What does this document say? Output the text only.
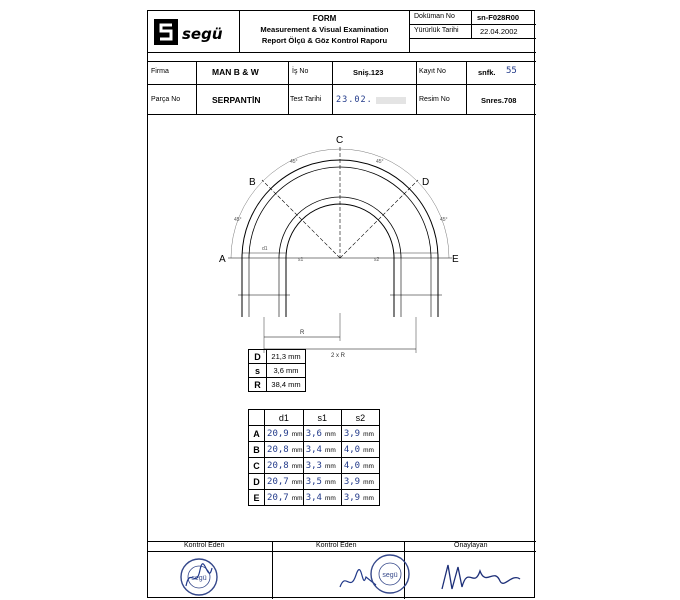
segü
FORM
Measurement & Visual Examination
Report Ölçü & Göz Kontrol Raporu
Doküman No	sn-F028R00
Yürürlük Tarihi	22.04.2002
Firma	MAN B & W	İş No	Sniş.123	Kayıt No	snfk. 55
Parça No	SERPANTİN	Test Tarihi 23.02.	Resim No	Snres.708
A
B
C
D
E
45°	45°
45°	45°
d1
s1	s2
R
2 x R
D	21,3 mm
s	3,6 mm
R	38,4 mm
	d1	s1	s2
A	20,9 mm	3,6 mm	3,9 mm
B	20,8 mm	3,4 mm	4,0 mm
C	20,8 mm	3,3 mm	4,0 mm
D	20,7 mm	3,5 mm	3,9 mm
E	20,7 mm	3,4 mm	3,9 mm
Kontrol Eden	Kontrol Eden	Onaylayan
segü	segü
